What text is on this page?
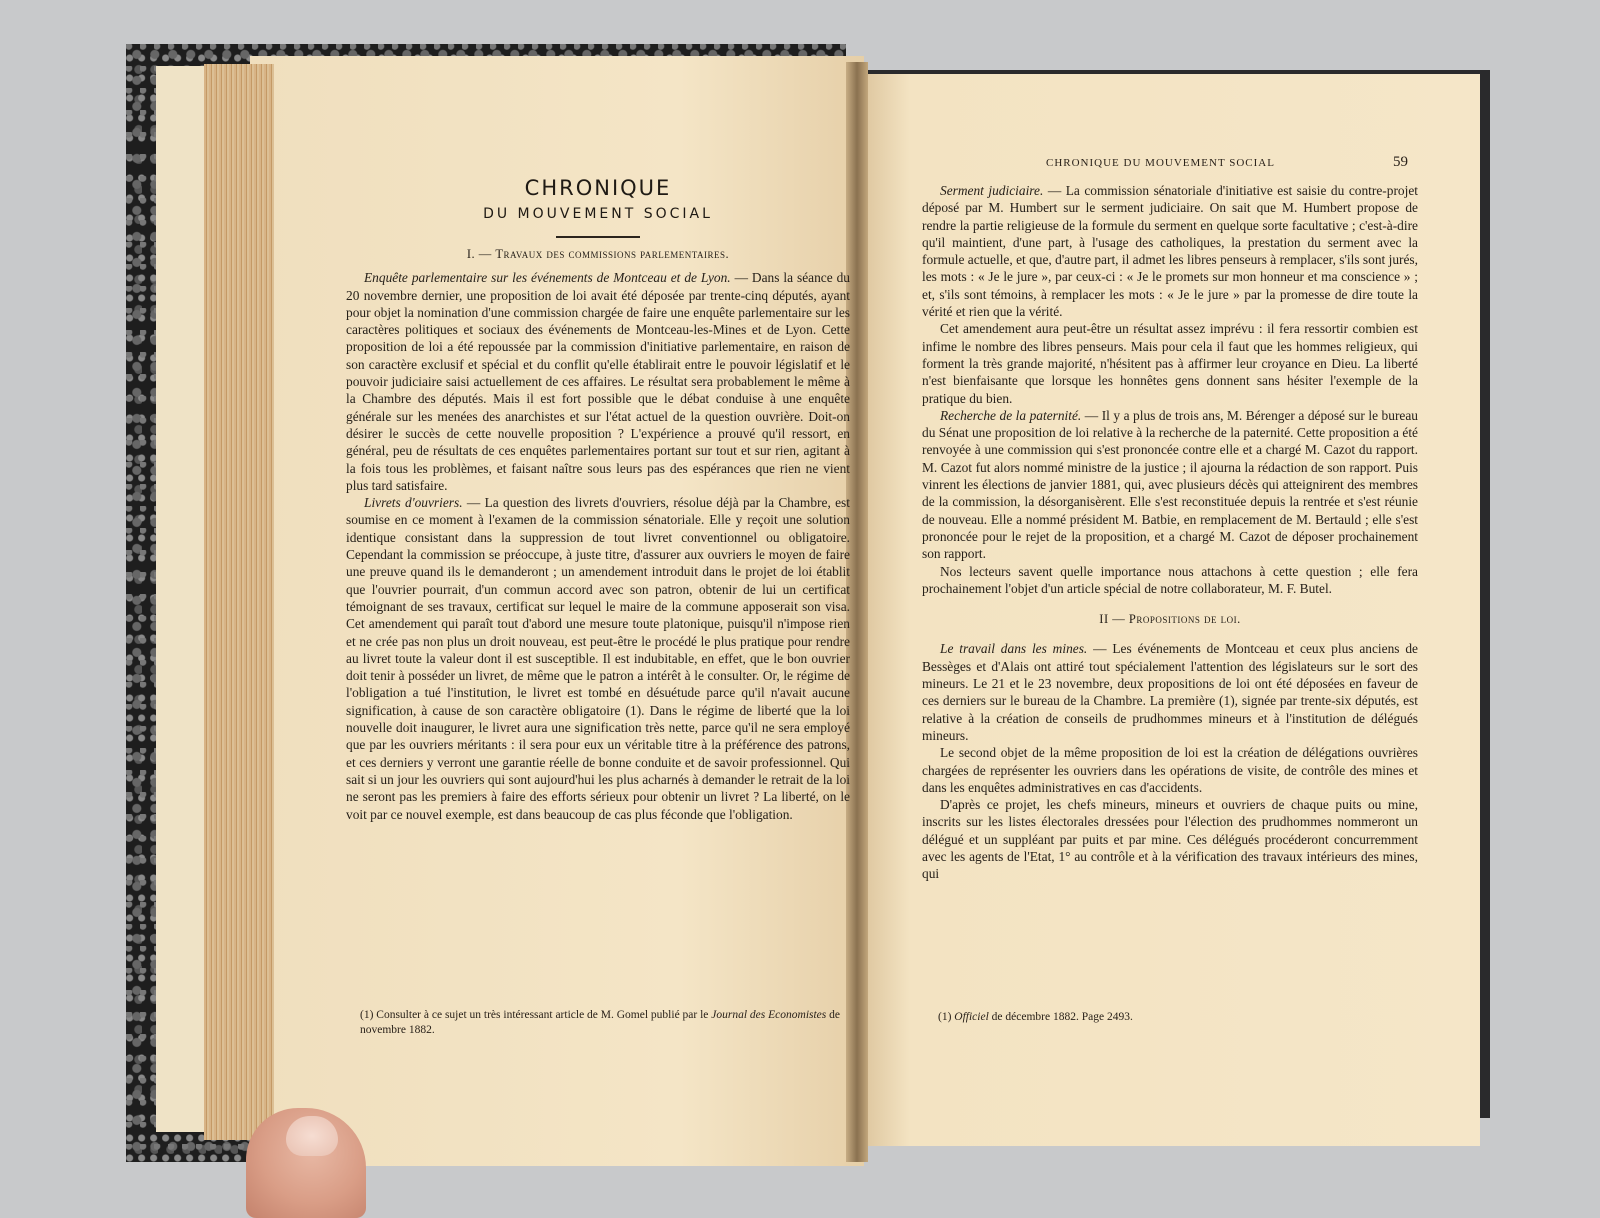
CHRONIQUE
DU MOUVEMENT SOCIAL
I. — Travaux des commissions parlementaires.

Enquête parlementaire sur les événements de Montceau et de Lyon. — Dans la séance du 20 novembre dernier, une proposition de loi avait été déposée par trente-cinq députés, ayant pour objet la nomination d'une commission chargée de faire une enquête parlementaire sur les caractères politiques et sociaux des événements de Montceau-les-Mines et de Lyon. Cette proposition de loi a été repoussée par la commission d'initiative parlementaire, en raison de son caractère exclusif et spécial et du conflit qu'elle établirait entre le pouvoir législatif et le pouvoir judiciaire saisi actuellement de ces affaires. Le résultat sera probablement le même à la Chambre des députés. Mais il est fort possible que le débat conduise à une enquête générale sur les menées des anarchistes et sur l'état actuel de la question ouvrière. Doit-on désirer le succès de cette nouvelle proposition ? L'expérience a prouvé qu'il ressort, en général, peu de résultats de ces enquêtes parlementaires portant sur tout et sur rien, agitant à la fois tous les problèmes, et faisant naître sous leurs pas des espérances que rien ne vient plus tard satisfaire.

Livrets d'ouvriers. — La question des livrets d'ouvriers, résolue déjà par la Chambre, est soumise en ce moment à l'examen de la commission sénatoriale. Elle y reçoit une solution identique consistant dans la suppression de tout livret conventionnel ou obligatoire. Cependant la commission se préoccupe, à juste titre, d'assurer aux ouvriers le moyen de faire une preuve quand ils le demanderont ; un amendement introduit dans le projet de loi établit que l'ouvrier pourrait, d'un commun accord avec son patron, obtenir de lui un certificat témoignant de ses travaux, certificat sur lequel le maire de la commune apposerait son visa. Cet amendement qui paraît tout d'abord une mesure toute platonique, puisqu'il n'impose rien et ne crée pas non plus un droit nouveau, est peut-être le procédé le plus pratique pour rendre au livret toute la valeur dont il est susceptible. Il est indubitable, en effet, que le bon ouvrier doit tenir à posséder un livret, de même que le patron a intérêt à le consulter. Or, le régime de l'obligation a tué l'institution, le livret est tombé en désuétude parce qu'il n'avait aucune signification, à cause de son caractère obligatoire (1). Dans le régime de liberté que la loi nouvelle doit inaugurer, le livret aura une signification très nette, parce qu'il ne sera employé que par les ouvriers méritants : il sera pour eux un véritable titre à la préférence des patrons, et ces derniers y verront une garantie réelle de bonne conduite et de savoir professionnel. Qui sait si un jour les ouvriers qui sont aujourd'hui les plus acharnés à demander le retrait de la loi ne seront pas les premiers à faire des efforts sérieux pour obtenir un livret ? La liberté, on le voit par ce nouvel exemple, est dans beaucoup de cas plus féconde que l'obligation.

(1) Consulter à ce sujet un très intéressant article de M. Gomel publié par le Journal des Economistes de novembre 1882.
CHRONIQUE DU MOUVEMENT SOCIAL	59

Serment judiciaire. — La commission sénatoriale d'initiative est saisie du contre-projet déposé par M. Humbert sur le serment judiciaire. On sait que M. Humbert propose de rendre la partie religieuse de la formule du serment en quelque sorte facultative ; c'est-à-dire qu'il maintient, d'une part, à l'usage des catholiques, la prestation du serment avec la formule actuelle, et que, d'autre part, il admet les libres penseurs à remplacer, s'ils sont jurés, les mots : « Je le jure », par ceux-ci : « Je le promets sur mon honneur et ma conscience » ; et, s'ils sont témoins, à remplacer les mots : « Je le jure » par la promesse de dire toute la vérité et rien que la vérité.

Cet amendement aura peut-être un résultat assez imprévu : il fera ressortir combien est infime le nombre des libres penseurs. Mais pour cela il faut que les hommes religieux, qui forment la très grande majorité, n'hésitent pas à affirmer leur croyance en Dieu. La liberté n'est bienfaisante que lorsque les honnêtes gens donnent sans hésiter l'exemple de la pratique du bien.

Recherche de la paternité. — Il y a plus de trois ans, M. Bérenger a déposé sur le bureau du Sénat une proposition de loi relative à la recherche de la paternité. Cette proposition a été renvoyée à une commission qui s'est prononcée contre elle et a chargé M. Cazot du rapport. M. Cazot fut alors nommé ministre de la justice ; il ajourna la rédaction de son rapport. Puis vinrent les élections de janvier 1881, qui, avec plusieurs décès qui atteignirent des membres de la commission, la désorganisèrent. Elle s'est reconstituée depuis la rentrée et s'est réunie de nouveau. Elle a nommé président M. Batbie, en remplacement de M. Bertauld ; elle s'est prononcée pour le rejet de la proposition, et a chargé M. Cazot de déposer prochainement son rapport.

Nos lecteurs savent quelle importance nous attachons à cette question ; elle fera prochainement l'objet d'un article spécial de notre collaborateur, M. F. Butel.

II — Propositions de loi.

Le travail dans les mines. — Les événements de Montceau et ceux plus anciens de Bessèges et d'Alais ont attiré tout spécialement l'attention des législateurs sur le sort des mineurs. Le 21 et le 23 novembre, deux propositions de loi ont été déposées en faveur de ces derniers sur le bureau de la Chambre. La première (1), signée par trente-six députés, est relative à la création de conseils de prudhommes mineurs et à l'institution de délégués mineurs.

Le second objet de la même proposition de loi est la création de délégations ouvrières chargées de représenter les ouvriers dans les opérations de visite, de contrôle des mines et dans les enquêtes administratives en cas d'accidents.

D'après ce projet, les chefs mineurs, mineurs et ouvriers de chaque puits ou mine, inscrits sur les listes électorales dressées pour l'élection des prudhommes nommeront un délégué et un suppléant par puits et par mine. Ces délégués procéderont concurremment avec les agents de l'Etat, 1° au contrôle et à la vérification des travaux intérieurs des mines, qui

(1) Officiel de décembre 1882. Page 2493.
